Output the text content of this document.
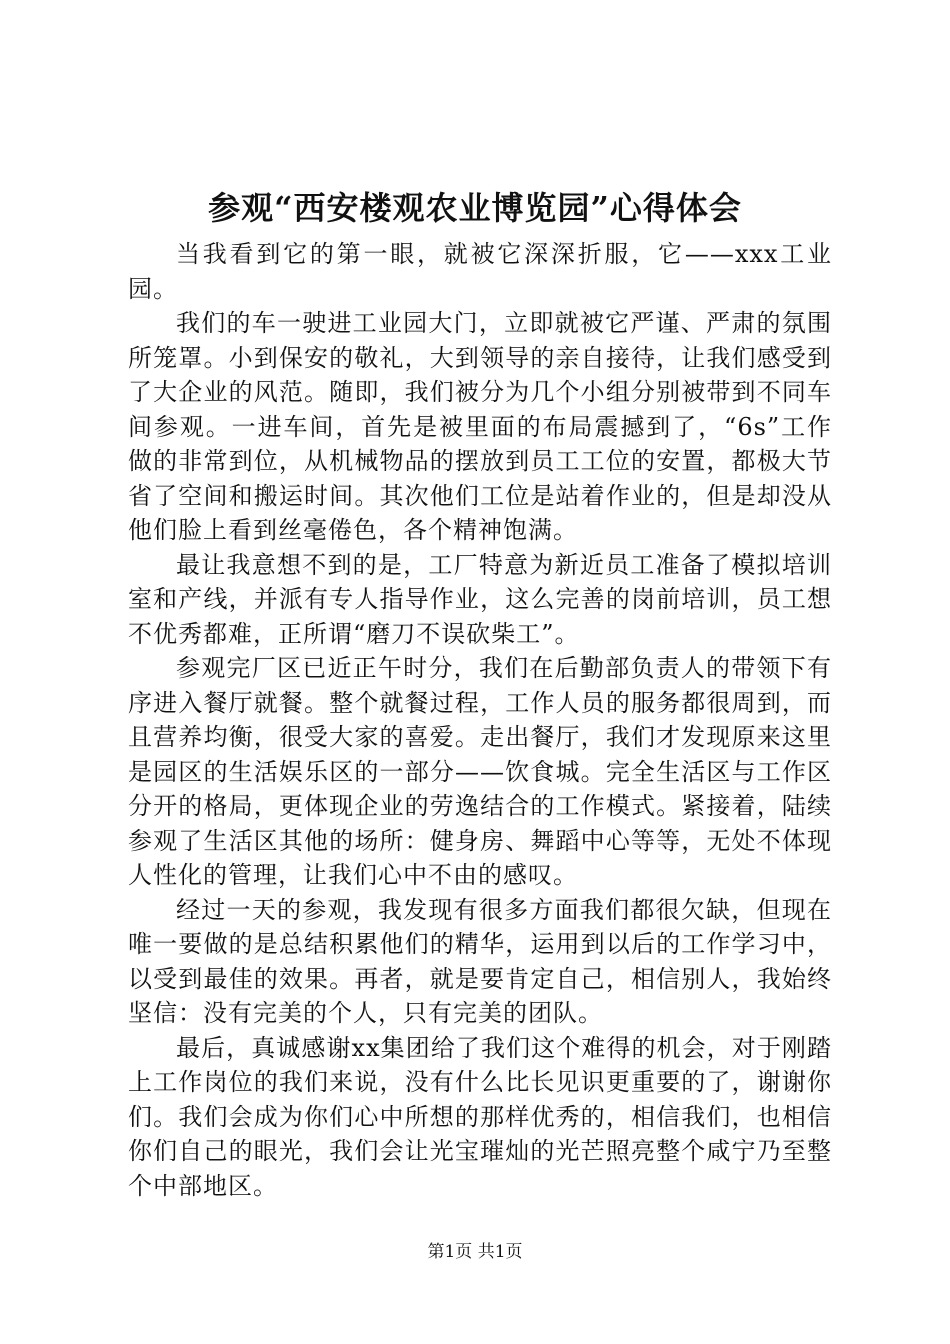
参观“西安楼观农业博览园”心得体会

当我看到它的第一眼，就被它深深折服，它——xxx工业园。

我们的车一驶进工业园大门，立即就被它严谨、严肃的氛围所笼罩。小到保安的敬礼，大到领导的亲自接待，让我们感受到了大企业的风范。随即，我们被分为几个小组分别被带到不同车间参观。一进车间，首先是被里面的布局震撼到了，“6s”工作做的非常到位，从机械物品的摆放到员工工位的安置，都极大节省了空间和搬运时间。其次他们工位是站着作业的，但是却没从他们脸上看到丝毫倦色，各个精神饱满。

最让我意想不到的是，工厂特意为新近员工准备了模拟培训室和产线，并派有专人指导作业，这么完善的岗前培训，员工想不优秀都难，正所谓“磨刀不误砍柴工”。

参观完厂区已近正午时分，我们在后勤部负责人的带领下有序进入餐厅就餐。整个就餐过程，工作人员的服务都很周到，而且营养均衡，很受大家的喜爱。走出餐厅，我们才发现原来这里是园区的生活娱乐区的一部分——饮食城。完全生活区与工作区分开的格局，更体现企业的劳逸结合的工作模式。紧接着，陆续参观了生活区其他的场所：健身房、舞蹈中心等等，无处不体现人性化的管理，让我们心中不由的感叹。

经过一天的参观，我发现有很多方面我们都很欠缺，但现在唯一要做的是总结积累他们的精华，运用到以后的工作学习中，以受到最佳的效果。再者，就是要肯定自己，相信别人，我始终坚信：没有完美的个人，只有完美的团队。

最后，真诚感谢xx集团给了我们这个难得的机会，对于刚踏上工作岗位的我们来说，没有什么比长见识更重要的了，谢谢你们。我们会成为你们心中所想的那样优秀的，相信我们，也相信你们自己的眼光，我们会让光宝璀灿的光芒照亮整个咸宁乃至整个中部地区。

第1页 共1页
